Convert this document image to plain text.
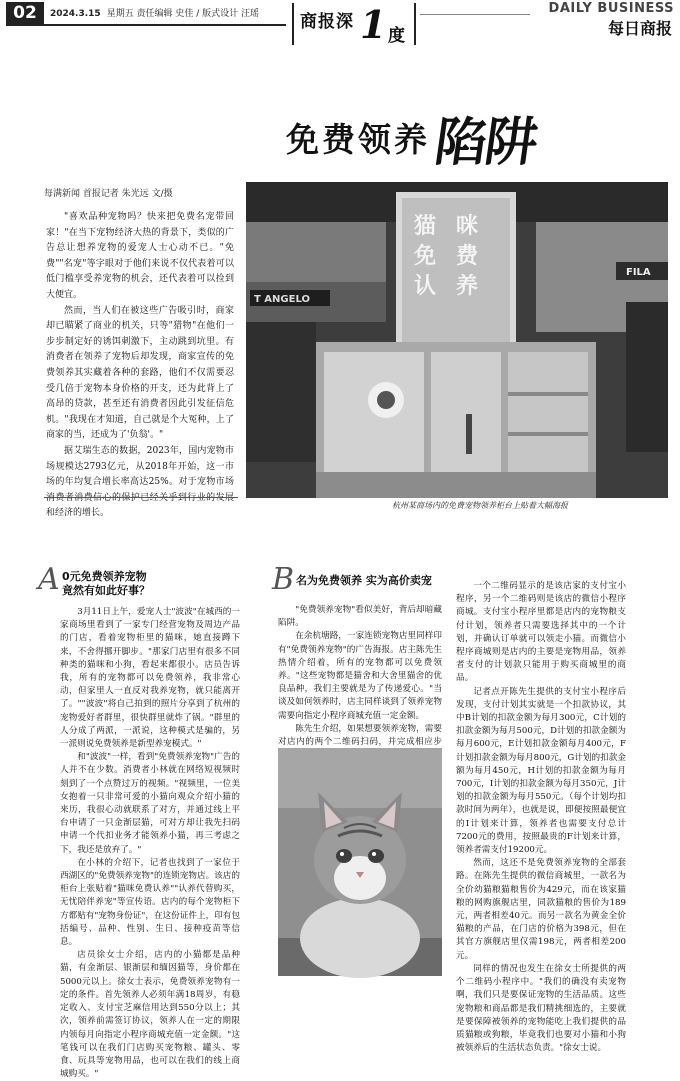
02	2024.3.15 星期五 责任编辑 史佳 / 版式设计 汪瑶 商报深 1 度
DAILY BUSINESS
每日商报
免费领养陷阱
每满新闻 首报记者 朱光远 文/摄

"喜欢品种宠物吗？快来把免费名宠带回家！"在当下宠物经济大热的背景下，类似的广告总让想养宠物的爱宠人士心动不已。"免费""名宠"等字眼对于他们来说不仅代表着可以低门槛享受养宠物的机会，还代表着可以捡到大便宜。

然而，当人们在被这些广告吸引时，商家却已瞄紧了商业的机关，只等"猎物"在他们一步步制定好的诱饵刺激下，主动跳到坑里。有消费者在领养了宠物后却发现，商家宣传的免费领养其实藏着各种的套路，他们不仅需要忍受几倍于宠物本身价格的开支，还为此背上了高昂的贷款，甚至还有消费者因此引发征信危机。"我现在才知道，自己就是个大冤种，上了商家的当，还成为了'负翁'。"

据艾瑞生态的数据，2023年，国内宠物市场规模达2793亿元，从2018年开始，这一市场的年均复合增长率高达25%。对于宠物市场消费者消费信心的保护已经关乎到行业的发展和经济的增长。

T ANGELO
FILA
猫免认
咪费养
杭州某商场内的免费宠物领养柜台上贴着大幅海报
A 0元免费领养宠物
竟然有如此好事？

3月11日上午，爱宠人士"波波"在城西的一家商场里看到了一家专门经营宠物及周边产品的门店，看着宠物柜里的猫咪，她直接蹲下来，不舍得挪开脚步。"那家门店里有很多不同种类的猫咪和小狗，看起来都很小。店员告诉我，所有的宠物都可以免费领养，我非常心动，但家里人一直反对我养宠物，就只能离开了。""波波"将自己拍到的照片分享到了杭州的宠物爱好者群里，很快群里就炸了锅。"群里的人分成了两派，一派说，这种模式是骗的，另一派则说免费领养是新型养宠模式。"

和"波波"一样，看到"免费领养宠物"广告的人并不在少数。消费者小林就在网络短视频时刻到了一个点赞过万的视频。"视频里，一位美女抱着一只非常可爱的小猫向观众介绍小猫的来历，我很心动就联系了对方，并通过线上平台申请了一只金渐层猫，可对方却让我先扫码申请一个代扣业务才能领养小猫，再三考虑之下，我还是放弃了。"

在小林的介绍下，记者也找到了一家位于西湖区的"免费领养宠物"的连锁宠物店。该店的柜台上张贴着"猫咪免费认养""认养代替购买，无忧陪伴养宠"等宣传语。店内的每个宠物柜下方都贴有"宠物身份证"，在这份证件上，印有包括编号、品种、性别、生日、接种疫苗等信息。

店员徐女士介绍，店内的小猫都是品种猫，有金渐层、银渐层和缅因猫等，身价都在5000元以上。徐女士表示，免费领养宠物有一定的条件。首先领养人必须年满18周岁，有稳定收入、支付宝芝麻信用达到550分以上；其次，领养前需签订协议，领养人在一定的期限内领每月向指定小程序商城充值一定金额。"这笔钱可以在我们门店购买宠物粮、罐头、零食、玩具等宠物用品，也可以在我们的线上商城购买。"

B 名为免费领养 实为高价卖宠

"免费领养宠物"看似美好，背后却暗藏陷阱。

在余杭塘路，一家连锁宠物店里同样印有"免费领养宠物"的广告海报。店主陈先生热情介绍着，所有的宠物都可以免费领养。"这些宠物都是猫舍和大舍里猫舍的优良品种，我们主要就是为了传递爱心。"当谈及如何领养时，店主同样谈到了领养宠物需要向指定小程序商城充值一定金额。

陈先生介绍，如果想要领养宠物，需要对店内的两个二维码扫码，并完成相应步

一个二维码显示的是该店家的支付宝小程序，另一个二维码则是该店的微信小程序商城。支付宝小程序里都是店内的宠物粮支付计划，领养者只需要选择其中的一个计划，并确认订单就可以领走小猫。而微信小程序商城则是店内的主要是宠物用品，领养者支付的计划款只能用于购买商城里的商品。

记者点开陈先生提供的支付宝小程序后发现，支付计划其实就是一个扣款协议，其中B计划的扣款金额为每月300元，C计划的扣款金额为每月500元，D计划的扣款金额为每月600元，E计划扣款金额每月400元，F计划扣款金额为每月800元，G计划的扣款金额为每月450元，H计划的扣款金额为每月700元，I计划的扣款金额为每月350元，J计划的扣款金额为每月550元。（每个计划均扣款时间为两年），也就是说，即便按照最便宜的I计划来计算，领养者也需要支付总计7200元的费用，按照最贵的F计划来计算，领养者需支付19200元。

然而，这还不是免费领养宠物的全部套路。在陈先生提供的微信商城里，一款名为全价幼猫粮猫粮售价为429元，而在该家猫粮的网购旗舰店里，同款猫粮的售价为189元，两者相差40元。而另一款名为黄金全价猫粮的产品，在门店的价格为398元，但在其官方旗舰店里仅需198元，两者相差200元。

同样的情况也发生在徐女士所提供的两个二维码小程序中。"我们的确没有卖宠物啊，我们只是要保证宠物的生活品质。这些宠物粮和商品都是我们精挑细选的，主要就是要保障被领养的宠物能吃上我们提供的品质猫粮或狗粮，毕竟我们也要对小猫和小狗被领养后的生活状态负责。"徐女士说。
